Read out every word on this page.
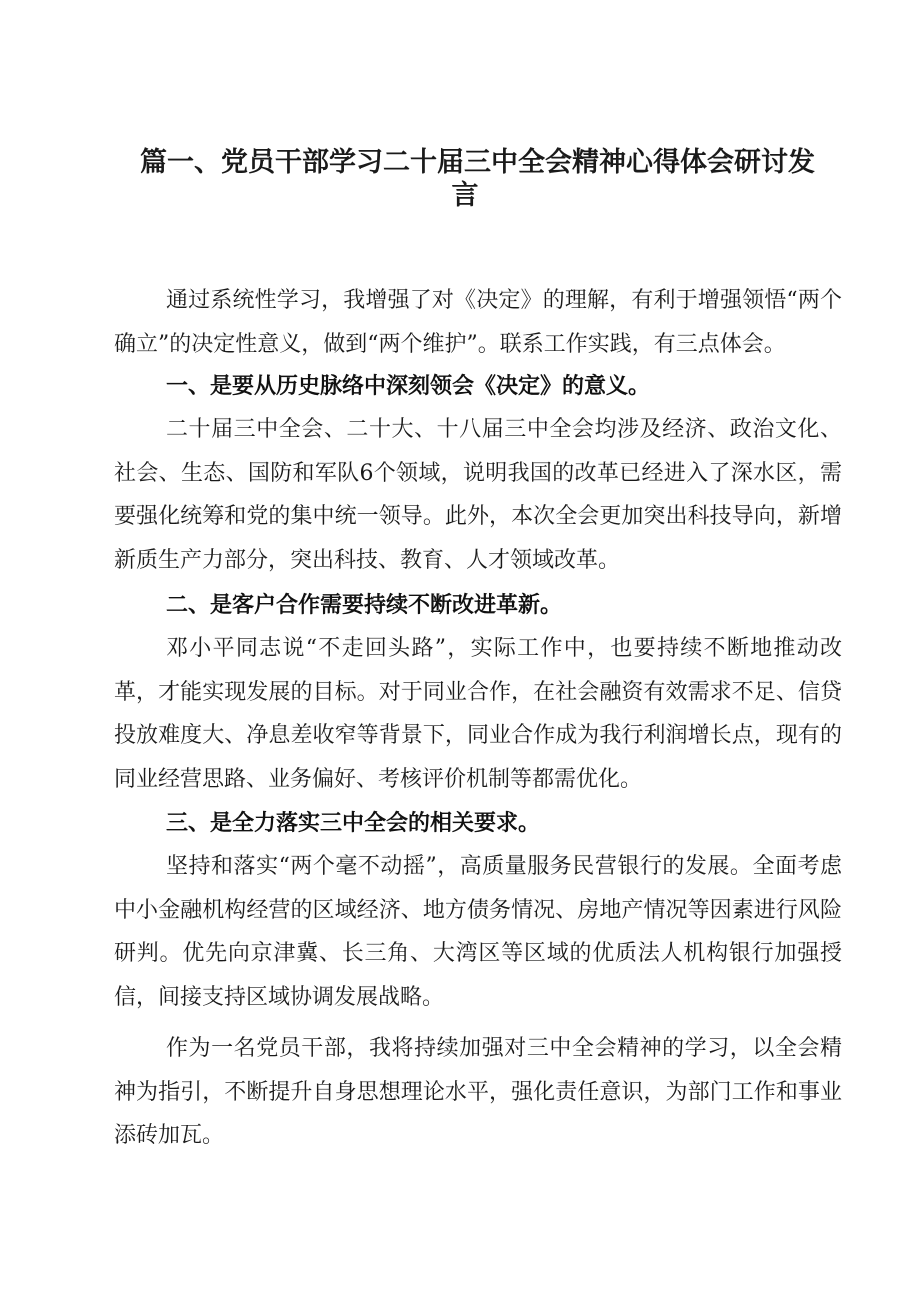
篇一、党员干部学习二十届三中全会精神心得体会研讨发
言

通过系统性学习，我增强了对《决定》的理解，有利于增强领悟“两个确立”的决定性意义，做到“两个维护”。联系工作实践，有三点体会。

一、是要从历史脉络中深刻领会《决定》的意义。

二十届三中全会、二十大、十八届三中全会均涉及经济、政治文化、社会、生态、国防和军队6个领域，说明我国的改革已经进入了深水区，需要强化统筹和党的集中统一领导。此外，本次全会更加突出科技导向，新增新质生产力部分，突出科技、教育、人才领域改革。

二、是客户合作需要持续不断改进革新。

邓小平同志说“不走回头路”，实际工作中，也要持续不断地推动改革，才能实现发展的目标。对于同业合作，在社会融资有效需求不足、信贷投放难度大、净息差收窄等背景下，同业合作成为我行利润增长点，现有的同业经营思路、业务偏好、考核评价机制等都需优化。

三、是全力落实三中全会的相关要求。

坚持和落实“两个毫不动摇”，高质量服务民营银行的发展。全面考虑中小金融机构经营的区域经济、地方债务情况、房地产情况等因素进行风险研判。优先向京津冀、长三角、大湾区等区域的优质法人机构银行加强授信，间接支持区域协调发展战略。

作为一名党员干部，我将持续加强对三中全会精神的学习，以全会精神为指引，不断提升自身思想理论水平，强化责任意识，为部门工作和事业添砖加瓦。
